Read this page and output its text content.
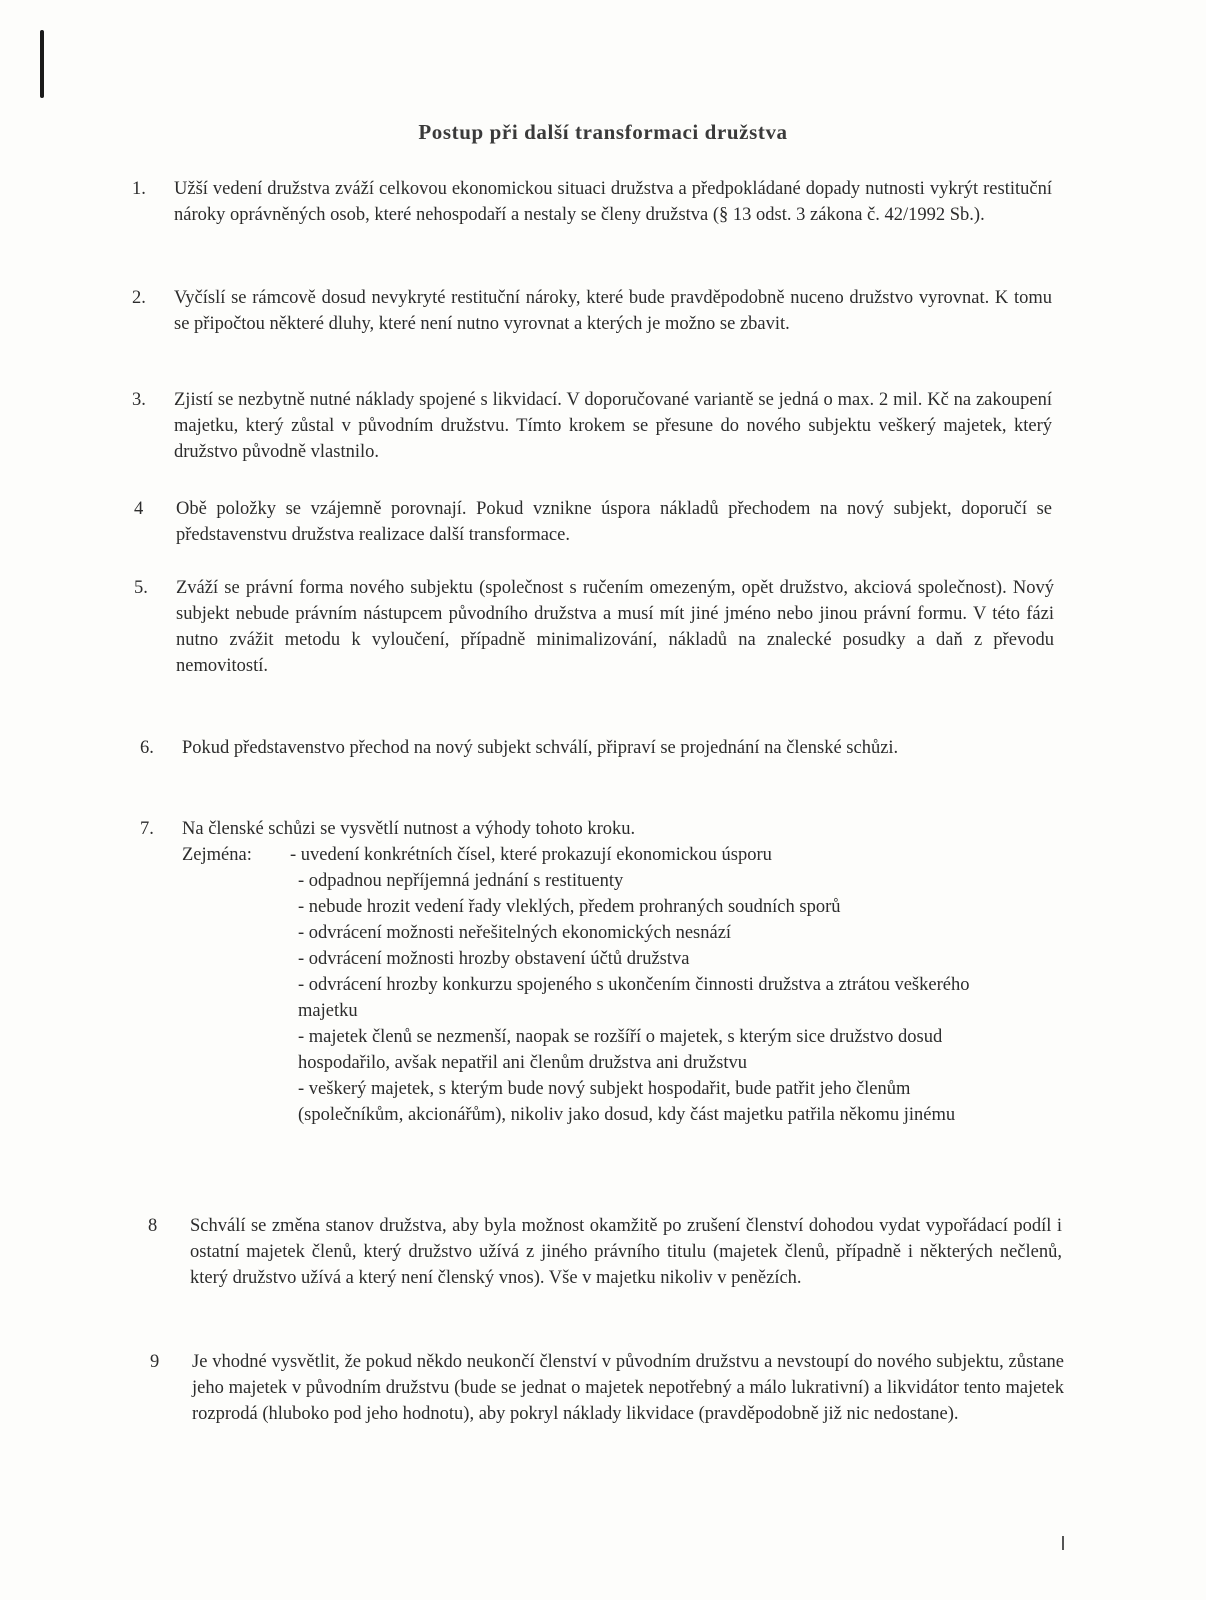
Postup při další transformaci družstva
1. Užší vedení družstva zváží celkovou ekonomickou situaci družstva a předpokládané dopady nutnosti vykrýt restituční nároky oprávněných osob, které nehospodaří a nestaly se členy družstva (§ 13 odst. 3 zákona č. 42/1992 Sb.).
2. Vyčíslí se rámcově dosud nevykryté restituční nároky, které bude pravděpodobně nuceno družstvo vyrovnat. K tomu se připočtou některé dluhy, které není nutno vyrovnat a kterých je možno se zbavit.
3. Zjistí se nezbytně nutné náklady spojené s likvidací. V doporučované variantě se jedná o max. 2 mil. Kč na zakoupení majetku, který zůstal v původním družstvu. Tímto krokem se přesune do nového subjektu veškerý majetek, který družstvo původně vlastnilo.
4 Obě položky se vzájemně porovnají. Pokud vznikne úspora nákladů přechodem na nový subjekt, doporučí se představenstvu družstva realizace další transformace.
5. Zváží se právní forma nového subjektu (společnost s ručením omezeným, opět družstvo, akciová společnost). Nový subjekt nebude právním nástupcem původního družstva a musí mít jiné jméno nebo jinou právní formu. V této fázi nutno zvážit metodu k vyloučení, případně minimalizování, nákladů na znalecké posudky a daň z převodu nemovitostí.
6. Pokud představenstvo přechod na nový subjekt schválí, připraví se projednání na členské schůzi.
7. Na členské schůzi se vysvětlí nutnost a výhody tohoto kroku.
Zejména: - uvedení konkrétních čísel, které prokazují ekonomickou úsporu
- odpadnou nepříjemná jednání s restituenty
- nebude hrozit vedení řady vleklých, předem prohraných soudních sporů
- odvrácení možnosti neřešitelných ekonomických nesnází
- odvrácení možnosti hrozby obstavení účtů družstva
- odvrácení hrozby konkurzu spojeného s ukončením činnosti družstva a ztrátou veškerého majetku
- majetek členů se nezmenší, naopak se rozšíří o majetek, s kterým sice družstvo dosud hospodařilo, avšak nepatřil ani členům družstva ani družstvu
- veškerý majetek, s kterým bude nový subjekt hospodařit, bude patřit jeho členům (společníkům, akcionářům), nikoliv jako dosud, kdy část majetku patřila někomu jinému
8 Schválí se změna stanov družstva, aby byla možnost okamžitě po zrušení členství dohodou vydat vypořádací podíl i ostatní majetek členů, který družstvo užívá z jiného právního titulu (majetek členů, případně i některých nečlenů, který družstvo užívá a který není členský vnos). Vše v majetku nikoliv v penězích.
9 Je vhodné vysvětlit, že pokud někdo neukončí členství v původním družstvu a nevstoupí do nového subjektu, zůstane jeho majetek v původním družstvu (bude se jednat o majetek nepotřebný a málo lukrativní) a likvidátor tento majetek rozprodá (hluboko pod jeho hodnotu), aby pokryl náklady likvidace (pravděpodobně již nic nedostane).
